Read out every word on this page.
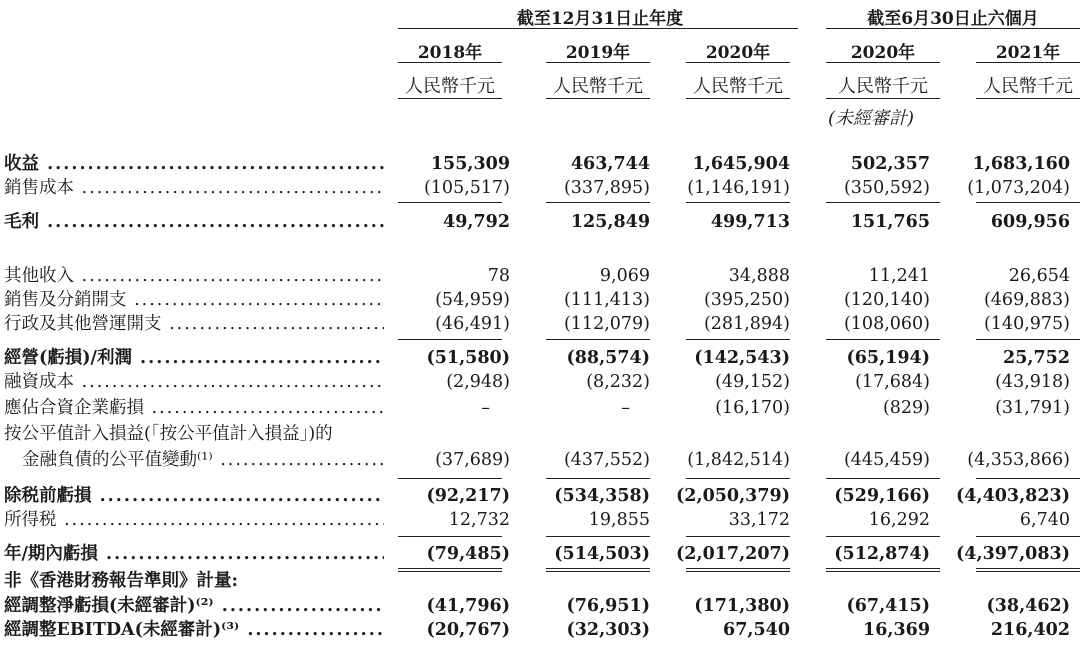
截至12月31日止年度	截至6月30日止六個月
2018年	2019年	2020年	2020年	2021年
人民幣千元	人民幣千元	人民幣千元	人民幣千元	人民幣千元
(未經審計)
收益 .....	155,309	463,744	1,645,904	502,357	1,683,160
銷售成本 .....	(105,517)	(337,895)	(1,146,191)	(350,592)	(1,073,204)
毛利 .....	49,792	125,849	499,713	151,765	609,956
其他收入 .....	78	9,069	34,888	11,241	26,654
銷售及分銷開支 .....	(54,959)	(111,413)	(395,250)	(120,140)	(469,883)
行政及其他營運開支 .....	(46,491)	(112,079)	(281,894)	(108,060)	(140,975)
經營(虧損)/利潤 .....	(51,580)	(88,574)	(142,543)	(65,194)	25,752
融資成本 .....	(2,948)	(8,232)	(49,152)	(17,684)	(43,918)
應佔合資企業虧損 .....	–	–	(16,170)	(829)	(31,791)
按公平值計入損益(「按公平值計入損益」)的
金融負債的公平值變動⁽¹⁾ .....	(37,689)	(437,552)	(1,842,514)	(445,459)	(4,353,866)
除税前虧損 .....	(92,217)	(534,358)	(2,050,379)	(529,166)	(4,403,823)
所得税 .....	12,732	19,855	33,172	16,292	6,740
年/期內虧損 .....	(79,485)	(514,503)	(2,017,207)	(512,874)	(4,397,083)
非《香港財務報告準則》計量:
經調整淨虧損(未經審計)⁽²⁾ .....	(41,796)	(76,951)	(171,380)	(67,415)	(38,462)
經調整EBITDA(未經審計)⁽³⁾ .....	(20,767)	(32,303)	67,540	16,369	216,402
